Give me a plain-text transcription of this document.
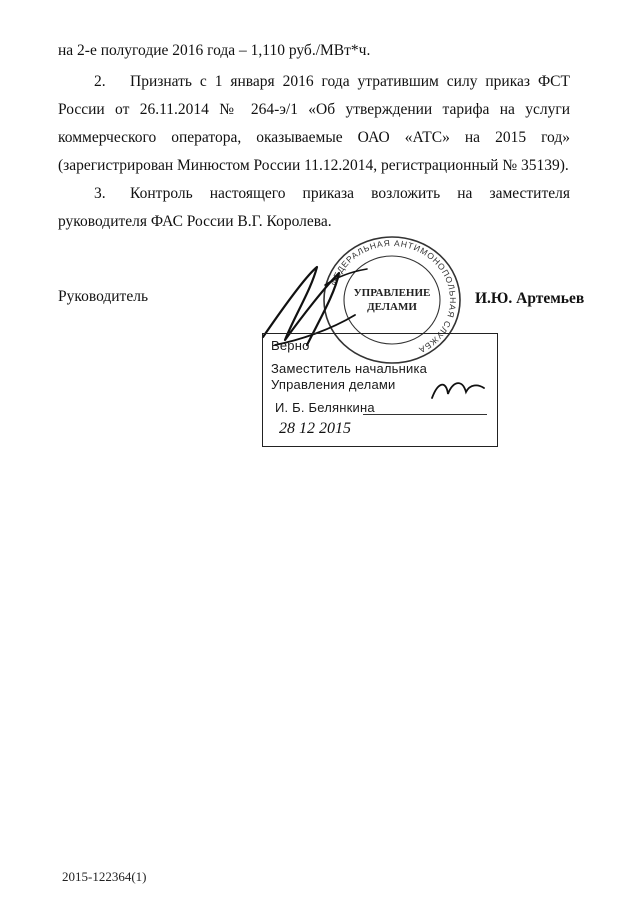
на 2-е полугодие 2016 года – 1,110 руб./МВт*ч.
2. Признать с 1 января 2016 года утратившим силу приказ ФСТ
России от 26.11.2014 № 264-э/1 «Об утверждении тарифа на услуги
коммерческого оператора, оказываемые ОАО «АТС» на 2015 год»
(зарегистрирован Минюстом России 11.12.2014, регистрационный № 35139).
3. Контроль настоящего приказа возложить на заместителя
руководителя ФАС России В.Г. Королева.
Руководитель	И.Ю. Артемьев
ФЕДЕРАЛЬНАЯ АНТИМОНОПОЛЬНАЯ СЛУЖБА
УПРАВЛЕНИЕ
ДЕЛАМИ
Верно
Заместитель начальника
Управления делами
И. Б. Белянкина
28 12 2015
2015-122364(1)
